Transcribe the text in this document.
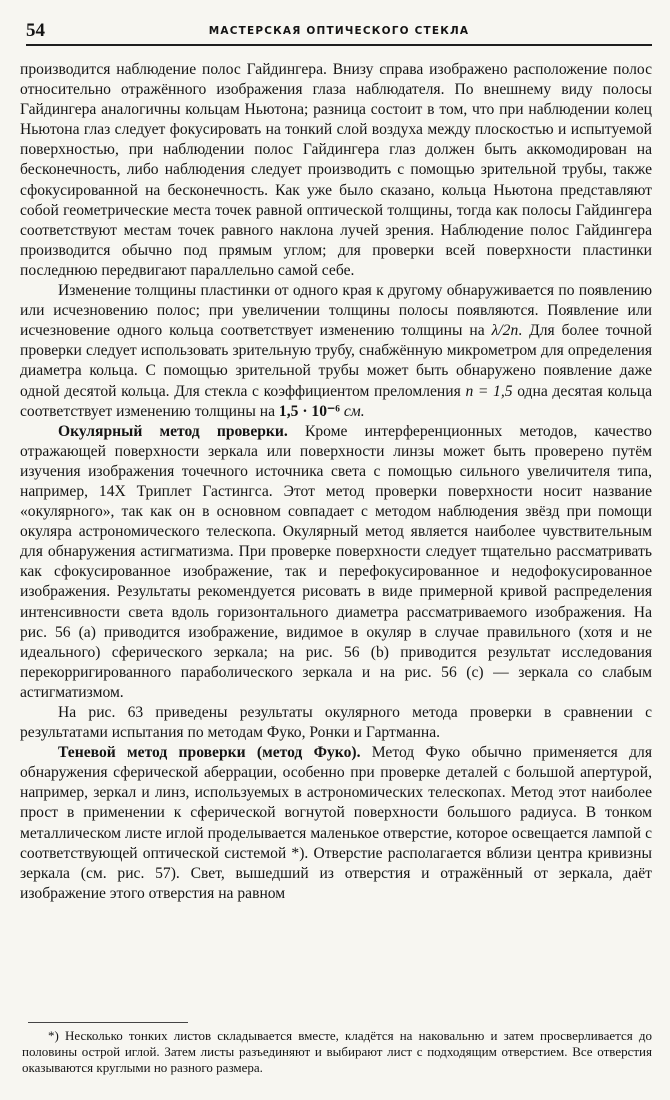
54	МАСТЕРСКАЯ ОПТИЧЕСКОГО СТЕКЛА

производится наблюдение полос Гайдингера. Внизу справа изображено расположение полос относительно отражённого изображения глаза наблюдателя. По внешнему виду полосы Гайдингера аналогичны кольцам Ньютона; разница состоит в том, что при наблюдении колец Ньютона глаз следует фокусировать на тонкий слой воздуха между плоскостью и испытуемой поверхностью, при наблюдении полос Гайдингера глаз должен быть аккомодирован на бесконечность, либо наблюдения следует производить с помощью зрительной трубы, также сфокусированной на бесконечность. Как уже было сказано, кольца Ньютона представляют собой геометрические места точек равной оптической толщины, тогда как полосы Гайдингера соответствуют местам точек равного наклона лучей зрения. Наблюдение полос Гайдингера производится обычно под прямым углом; для проверки всей поверхности пластинки последнюю передвигают параллельно самой себе.

Изменение толщины пластинки от одного края к другому обнаруживается по появлению или исчезновению полос; при увеличении толщины полосы появляются. Появление или исчезновение одного кольца соответствует изменению толщины на λ/2n. Для более точной проверки следует использовать зрительную трубу, снабжённую микрометром для определения диаметра кольца. С помощью зрительной трубы может быть обнаружено появление даже одной десятой кольца. Для стекла с коэффициентом преломления n = 1,5 одна десятая кольца соответствует изменению толщины на 1,5 · 10⁻⁶ см.

Окулярный метод проверки. Кроме интерференционных методов, качество отражающей поверхности зеркала или поверхности линзы может быть проверено путём изучения изображения точечного источника света с помощью сильного увеличителя типа, например, 14X Триплет Гастингса. Этот метод проверки поверхности носит название «окулярного», так как он в основном совпадает с методом наблюдения звёзд при помощи окуляра астрономического телескопа. Окулярный метод является наиболее чувствительным для обнаружения астигматизма. При проверке поверхности следует тщательно рассматривать как сфокусированное изображение, так и перефокусированное и недофокусированное изображения. Результаты рекомендуется рисовать в виде примерной кривой распределения интенсивности света вдоль горизонтального диаметра рассматриваемого изображения. На рис. 56 (a) приводится изображение, видимое в окуляр в случае правильного (хотя и не идеального) сферического зеркала; на рис. 56 (b) приводится результат исследования перекорригированного параболического зеркала и на рис. 56 (c) — зеркала со слабым астигматизмом.

На рис. 63 приведены результаты окулярного метода проверки в сравнении с результатами испытания по методам Фуко, Ронки и Гартманна.

Теневой метод проверки (метод Фуко). Метод Фуко обычно применяется для обнаружения сферической аберрации, особенно при проверке деталей с большой апертурой, например, зеркал и линз, используемых в астрономических телескопах. Метод этот наиболее прост в применении к сферической вогнутой поверхности большого радиуса. В тонком металлическом листе иглой проделывается маленькое отверстие, которое освещается лампой с соответствующей оптической системой *). Отверстие располагается вблизи центра кривизны зеркала (см. рис. 57). Свет, вышедший из отверстия и отражённый от зеркала, даёт изображение этого отверстия на равном

*) Несколько тонких листов складывается вместе, кладётся на наковальню и затем просверливается до половины острой иглой. Затем листы разъединяют и выбирают лист с подходящим отверстием. Все отверстия оказываются круглыми но разного размера.
